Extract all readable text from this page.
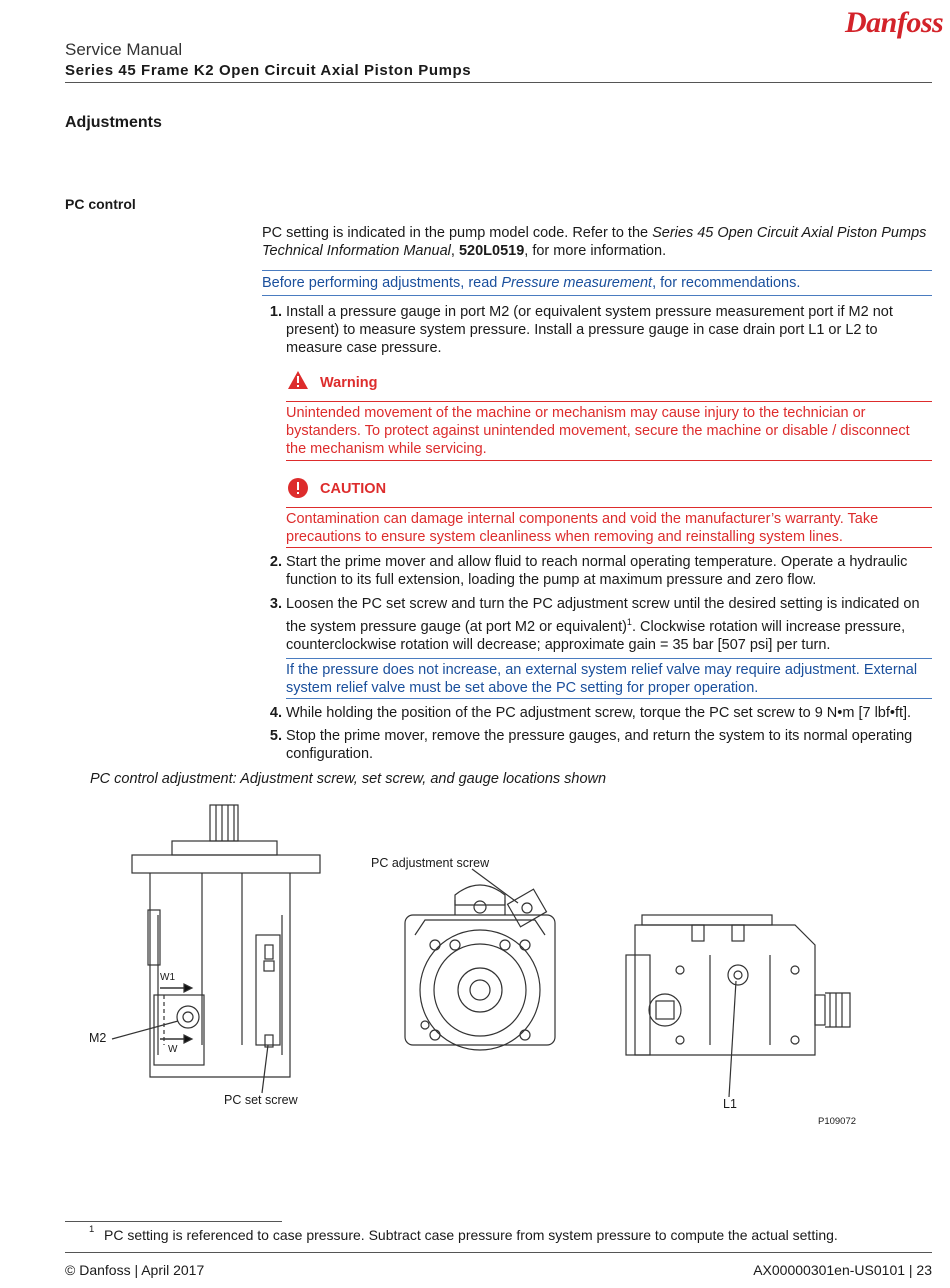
Danfoss
Service Manual
Series 45 Frame K2 Open Circuit Axial Piston Pumps
Adjustments
PC control
PC setting is indicated in the pump model code. Refer to the Series 45 Open Circuit Axial Piston Pumps Technical Information Manual, 520L0519, for more information.
Before performing adjustments, read Pressure measurement, for recommendations.
1. Install a pressure gauge in port M2 (or equivalent system pressure measurement port if M2 not present) to measure system pressure. Install a pressure gauge in case drain port L1 or L2 to measure case pressure.
Warning
Unintended movement of the machine or mechanism may cause injury to the technician or bystanders. To protect against unintended movement, secure the machine or disable / disconnect the mechanism while servicing.
CAUTION
Contamination can damage internal components and void the manufacturer’s warranty. Take precautions to ensure system cleanliness when removing and reinstalling system lines.
2. Start the prime mover and allow fluid to reach normal operating temperature. Operate a hydraulic function to its full extension, loading the pump at maximum pressure and zero flow.
3. Loosen the PC set screw and turn the PC adjustment screw until the desired setting is indicated on the system pressure gauge (at port M2 or equivalent)$^1$. Clockwise rotation will increase pressure, counterclockwise rotation will decrease; approximate gain = 35 bar [507 psi] per turn.
If the pressure does not increase, an external system relief valve may require adjustment. External system relief valve must be set above the PC setting for proper operation.
4. While holding the position of the PC adjustment screw, torque the PC set screw to 9 N•m [7 lbf•ft].
5. Stop the prime mover, remove the pressure gauges, and return the system to its normal operating configuration.
PC control adjustment: Adjustment screw, set screw, and gauge locations shown
W1
W
M2
PC set screw
PC adjustment screw
L1
P109072
1 PC setting is referenced to case pressure. Subtract case pressure from system pressure to compute the actual setting.
© Danfoss | April 2017	AX00000301en-US0101 | 23
